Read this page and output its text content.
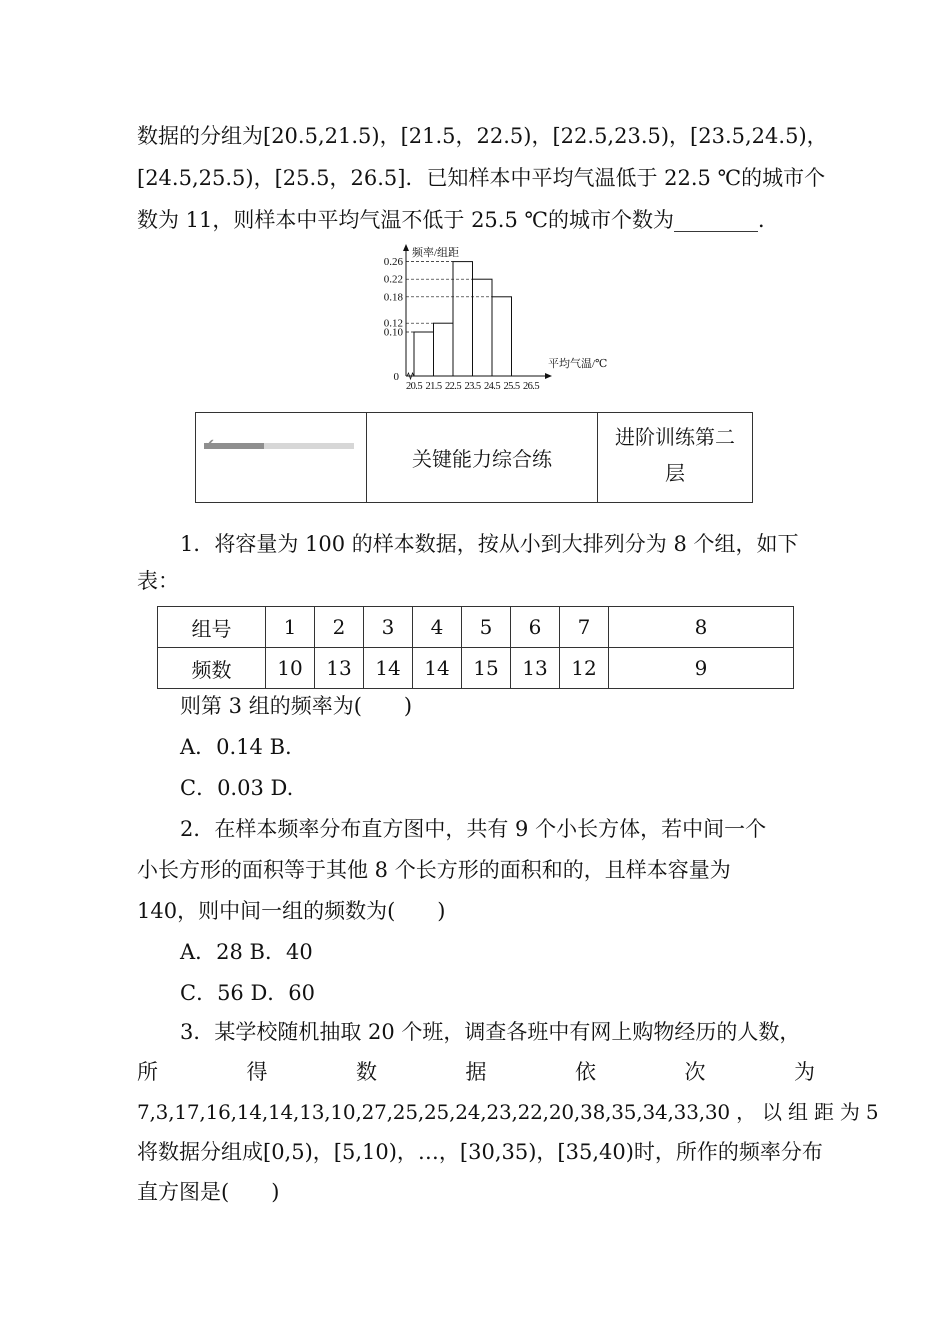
数据的分组为[20.5,21.5)，[21.5，22.5)，[22.5,23.5)，[23.5,24.5)，
[24.5,25.5)，[25.5，26.5]．已知样本中平均气温低于 22.5 ℃的城市个
数为 11，则样本中平均气温不低于 25.5 ℃的城市个数为________．
0.26
0.22
0.18
0.12
0.10
0
20.5 21.5 22.5 23.5 24.5 25.5 26.5
频率/组距
平均气温/℃
关键能力综合练
进阶训练第二
层
1．将容量为 100 的样本数据，按从小到大排列分为 8 个组，如下
表：
组号	1	2	3	4	5	6	7	8
频数	10	13	14	14	15	13	12	9
则第 3 组的频率为(　　)
A．0.14 B.
C．0.03 D.
2．在样本频率分布直方图中，共有 9 个小长方体，若中间一个
小长方形的面积等于其他 8 个长方形的面积和的，且样本容量为
140，则中间一组的频数为(　　)
A．28 B．40
C．56 D．60
3．某学校随机抽取 20 个班，调查各班中有网上购物经历的人数，
所	得	数	据	依	次	为
7,3,17,16,14,14,13,10,27,25,25,24,23,22,20,38,35,34,33,30 ， 以 组 距 为 5
将数据分组成[0,5)，[5,10)，…，[30,35)，[35,40)时，所作的频率分布
直方图是(　　)
